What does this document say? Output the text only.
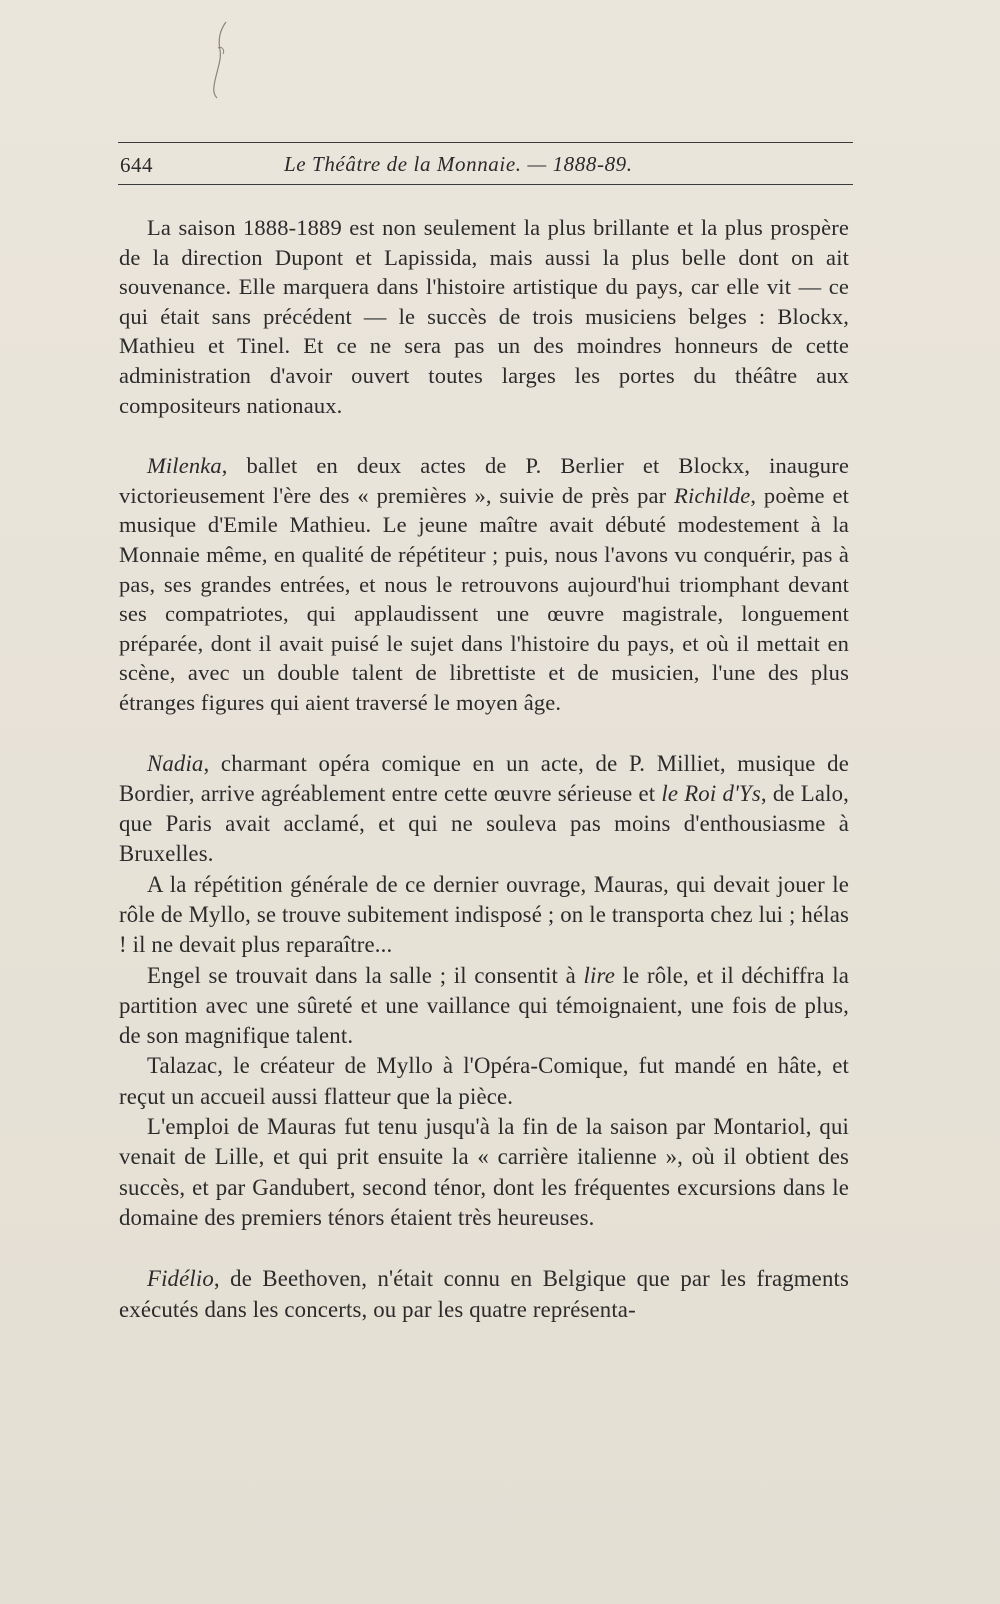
644	Le Théâtre de la Monnaie. — 1888-89.

La saison 1888-1889 est non seulement la plus brillante et la plus prospère de la direction Dupont et Lapissida, mais aussi la plus belle dont on ait souvenance. Elle marquera dans l'histoire artistique du pays, car elle vit — ce qui était sans précédent — le succès de trois musiciens belges : Blockx, Mathieu et Tinel. Et ce ne sera pas un des moindres honneurs de cette administration d'avoir ouvert toutes larges les portes du théâtre aux compositeurs nationaux.

Milenka, ballet en deux actes de P. Berlier et Blockx, inaugure victorieusement l'ère des « premières », suivie de près par Richilde, poème et musique d'Emile Mathieu. Le jeune maître avait débuté modestement à la Monnaie même, en qualité de répétiteur ; puis, nous l'avons vu conquérir, pas à pas, ses grandes entrées, et nous le retrouvons aujourd'hui triomphant devant ses compatriotes, qui applaudissent une œuvre magistrale, longuement préparée, dont il avait puisé le sujet dans l'histoire du pays, et où il mettait en scène, avec un double talent de librettiste et de musicien, l'une des plus étranges figures qui aient traversé le moyen âge.

Nadia, charmant opéra comique en un acte, de P. Milliet, musique de Bordier, arrive agréablement entre cette œuvre sérieuse et le Roi d'Ys, de Lalo, que Paris avait acclamé, et qui ne souleva pas moins d'enthousiasme à Bruxelles.

A la répétition générale de ce dernier ouvrage, Mauras, qui devait jouer le rôle de Myllo, se trouve subitement indisposé ; on le transporta chez lui ; hélas ! il ne devait plus reparaître...

Engel se trouvait dans la salle ; il consentit à lire le rôle, et il déchiffra la partition avec une sûreté et une vaillance qui témoignaient, une fois de plus, de son magnifique talent.

Talazac, le créateur de Myllo à l'Opéra-Comique, fut mandé en hâte, et reçut un accueil aussi flatteur que la pièce.

L'emploi de Mauras fut tenu jusqu'à la fin de la saison par Montariol, qui venait de Lille, et qui prit ensuite la « carrière italienne », où il obtient des succès, et par Gandubert, second ténor, dont les fréquentes excursions dans le domaine des premiers ténors étaient très heureuses.

Fidélio, de Beethoven, n'était connu en Belgique que par les fragments exécutés dans les concerts, ou par les quatre représenta-
